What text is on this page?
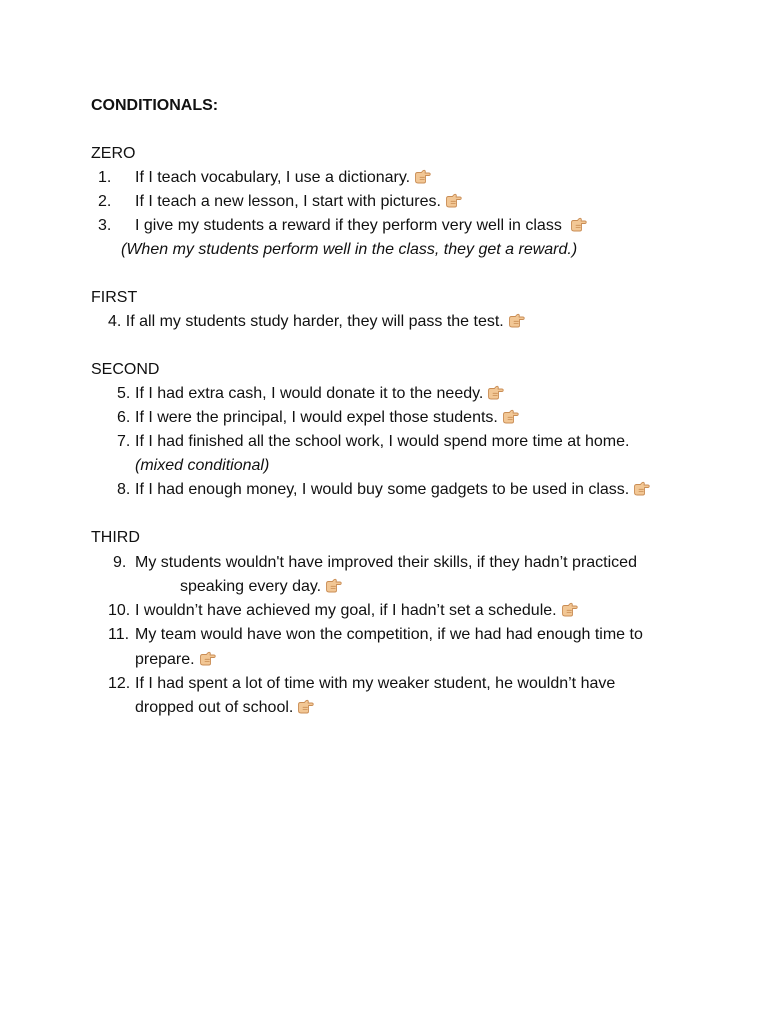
CONDITIONALS:
ZERO
1. If I teach vocabulary, I use a dictionary.
2. If I teach a new lesson, I start with pictures.
3. I give my students a reward if they perform very well in class
(When my students perform well in the class, they get a reward.)
FIRST
4. If all my students study harder, they will pass the test.
SECOND
5. If I had extra cash, I would donate it to the needy.
6. If I were the principal, I would expel those students.
7. If I had finished all the school work, I would spend more time at home.
(mixed conditional)
8. If I had enough money, I would buy some gadgets to be used in class.
THIRD
9. My students wouldn't have improved their skills, if they hadn’t practiced
speaking every day.
10. I wouldn’t have achieved my goal, if I hadn’t set a schedule.
11. My team would have won the competition, if we had had enough time to
prepare.
12. If I had spent a lot of time with my weaker student, he wouldn’t have
dropped out of school.
